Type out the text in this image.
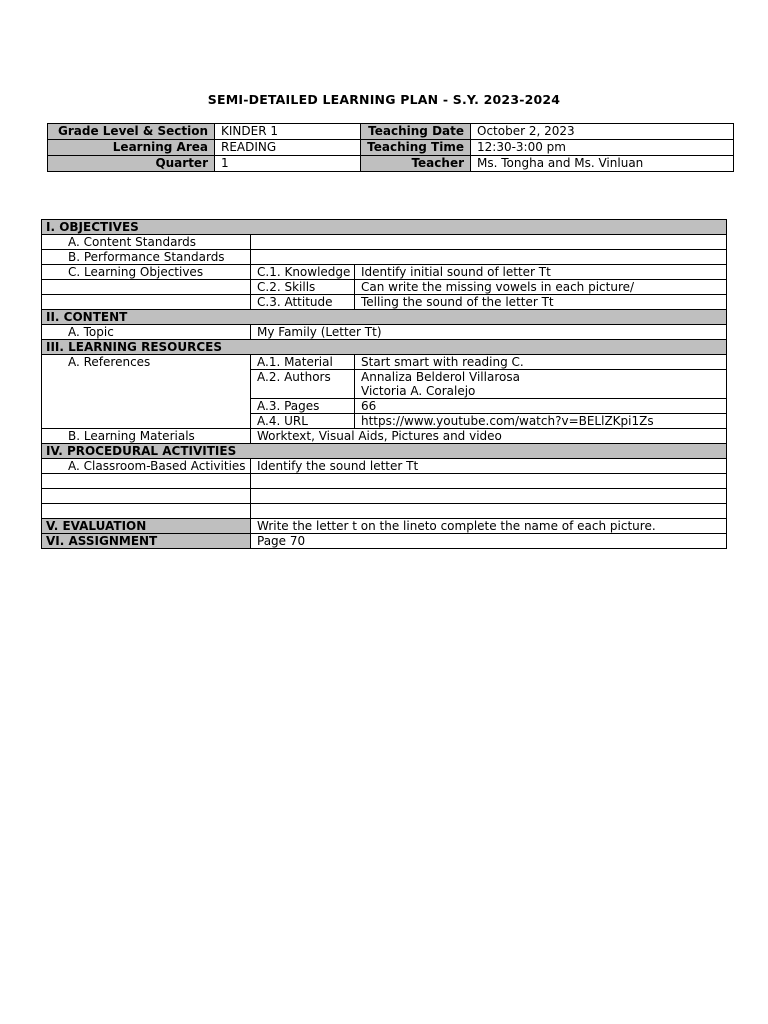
SEMI-DETAILED LEARNING PLAN - S.Y. 2023-2024
Grade Level & Section	KINDER 1	Teaching Date	October 2, 2023
Learning Area	READING	Teaching Time	12:30-3:00 pm
Quarter	1	Teacher	Ms. Tongha and Ms. Vinluan
I. OBJECTIVES		
A. Content Standards		
B. Performance Standards		
C. Learning Objectives	C.1. Knowledge	Identify initial sound of letter Tt
	C.2. Skills	Can write the missing vowels in each picture/
	C.3. Attitude	Telling the sound of the letter Tt
II. CONTENT		
A. Topic	My Family (Letter Tt)	
III. LEARNING RESOURCES		
A. References	A.1. Material	Start smart with reading C.
	A.2. Authors	Annaliza Belderol Villarosa
Victoria A. Coralejo

	A.3. Pages	66
	A.4. URL	https://www.youtube.com/watch?v=BELlZKpi1Zs
B. Learning Materials	Worktext, Visual Aids, Pictures and video	
IV. PROCEDURAL ACTIVITIES		
A. Classroom-Based Activities	Identify the sound letter Tt	

V. EVALUATION	Write the letter t on the lineto complete the name of each picture.	
VI. ASSIGNMENT	Page 70	
